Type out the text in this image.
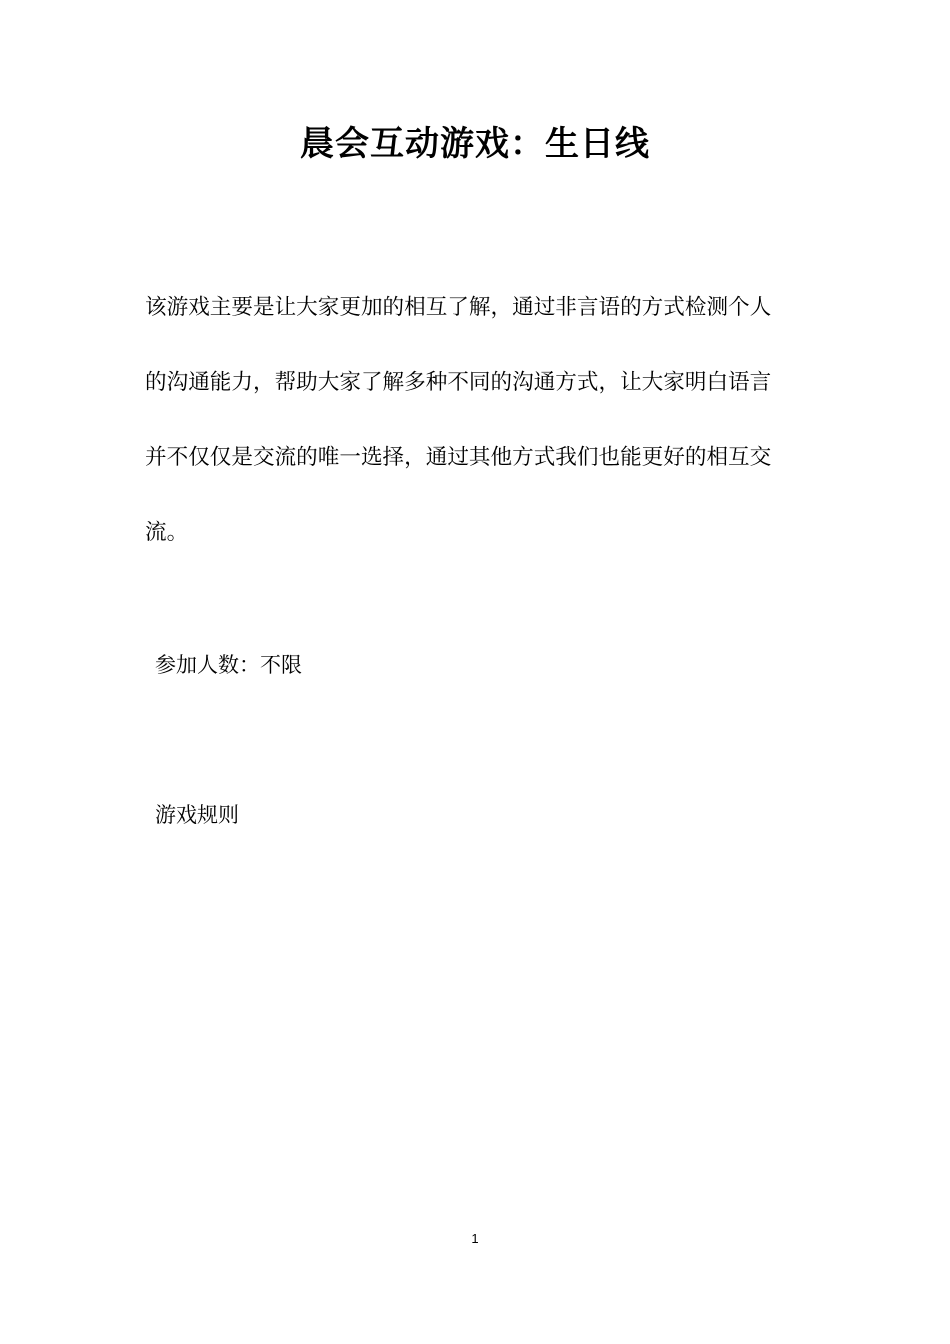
晨会互动游戏：生日线

该游戏主要是让大家更加的相互了解，通过非言语的方式检测个人
的沟通能力，帮助大家了解多种不同的沟通方式，让大家明白语言
并不仅仅是交流的唯一选择，通过其他方式我们也能更好的相互交
流。

参加人数：不限
游戏规则
1
